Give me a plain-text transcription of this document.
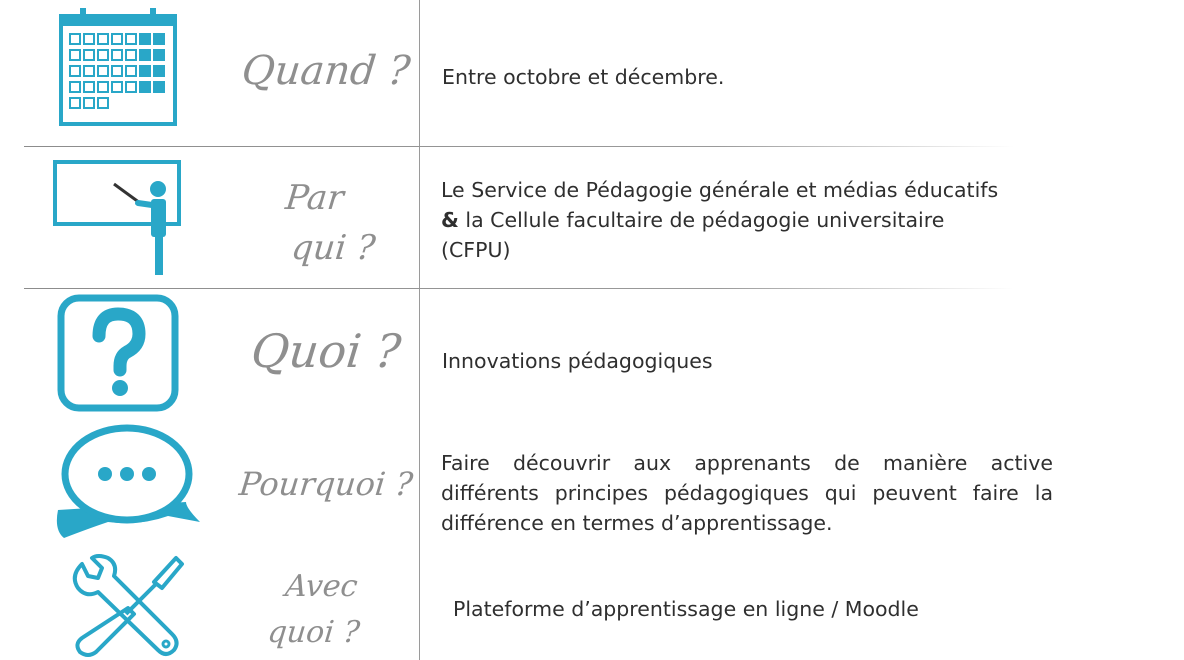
Quand ?	Entre octobre et décembre.
Par
qui ?
Le Service de Pédagogie générale et médias éducatifs & la Cellule facultaire de pédagogie universitaire (CFPU)
Quoi ?	Innovations pédagogiques
Pourquoi ?
Faire découvrir aux apprenants de manière active différents principes pédagogiques qui peuvent faire la différence en termes d’apprentissage.
Avec
quoi ?
Plateforme d’apprentissage en ligne / Moodle
